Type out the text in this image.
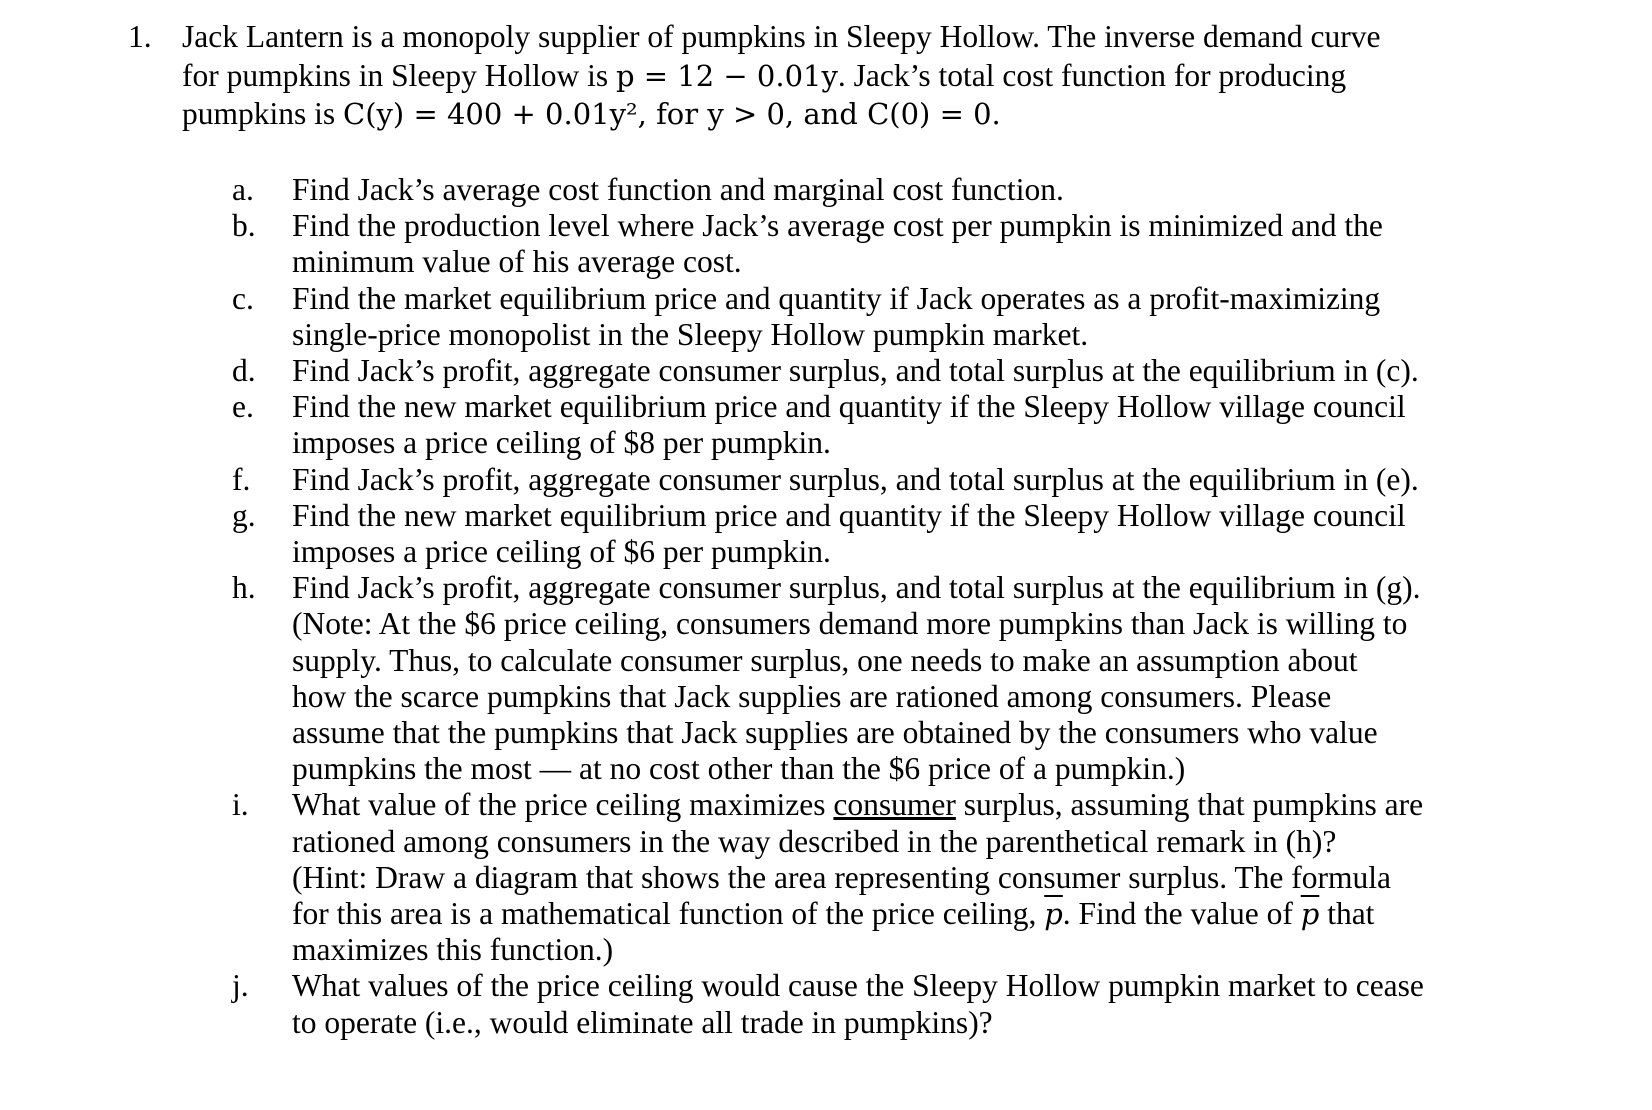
1. Jack Lantern is a monopoly supplier of pumpkins in Sleepy Hollow. The inverse demand curve
for pumpkins in Sleepy Hollow is p = 12 − 0.01y. Jack’s total cost function for producing
pumpkins is C(y) = 400 + 0.01y², for y > 0, and C(0) = 0.
a.	Find Jack’s average cost function and marginal cost function.
b.	Find the production level where Jack’s average cost per pumpkin is minimized and the
minimum value of his average cost.
c.	Find the market equilibrium price and quantity if Jack operates as a profit-maximizing
single-price monopolist in the Sleepy Hollow pumpkin market.
d.	Find Jack’s profit, aggregate consumer surplus, and total surplus at the equilibrium in (c).
e.	Find the new market equilibrium price and quantity if the Sleepy Hollow village council
imposes a price ceiling of $8 per pumpkin.
f.	Find Jack’s profit, aggregate consumer surplus, and total surplus at the equilibrium in (e).
g.	Find the new market equilibrium price and quantity if the Sleepy Hollow village council
imposes a price ceiling of $6 per pumpkin.
h.	Find Jack’s profit, aggregate consumer surplus, and total surplus at the equilibrium in (g).
(Note: At the $6 price ceiling, consumers demand more pumpkins than Jack is willing to
supply. Thus, to calculate consumer surplus, one needs to make an assumption about
how the scarce pumpkins that Jack supplies are rationed among consumers. Please
assume that the pumpkins that Jack supplies are obtained by the consumers who value
pumpkins the most — at no cost other than the $6 price of a pumpkin.)
i.	What value of the price ceiling maximizes consumer surplus, assuming that pumpkins are
rationed among consumers in the way described in the parenthetical remark in (h)?
(Hint: Draw a diagram that shows the area representing consumer surplus. The formula
for this area is a mathematical function of the price ceiling, $\overline{p}$. Find the value of $\overline{p}$ that
maximizes this function.)
j.	What values of the price ceiling would cause the Sleepy Hollow pumpkin market to cease
to operate (i.e., would eliminate all trade in pumpkins)?
